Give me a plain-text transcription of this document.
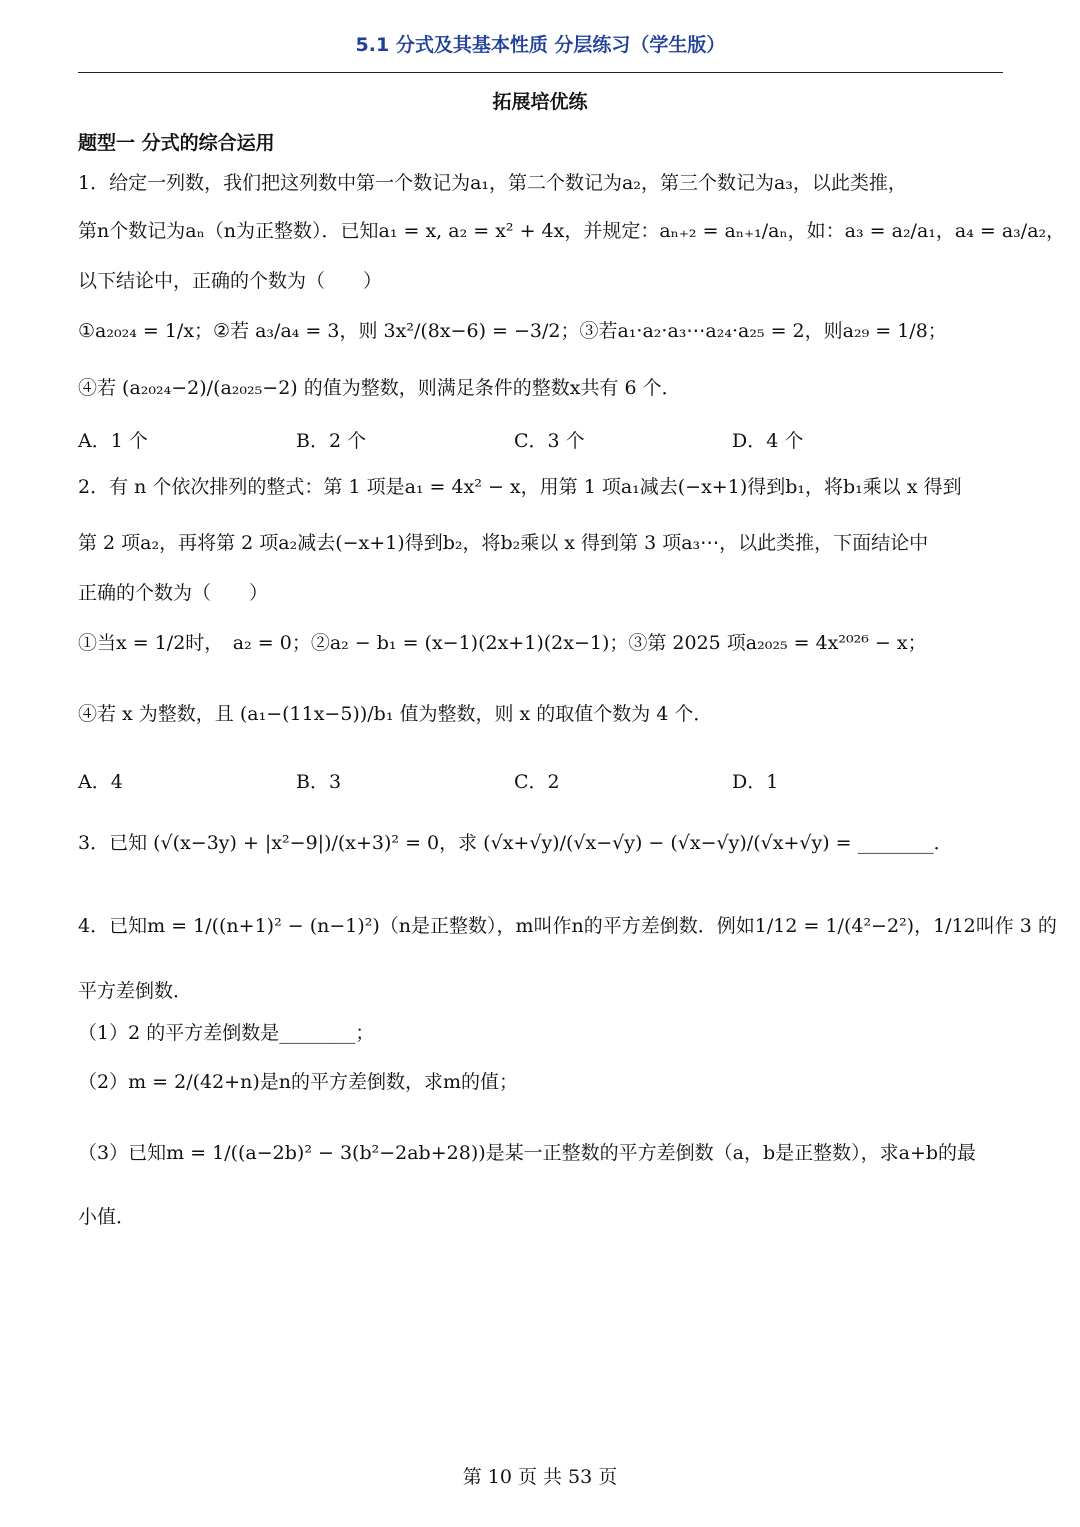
5.1 分式及其基本性质 分层练习（学生版）
拓展培优练
题型一 分式的综合运用
1．给定一列数，我们把这列数中第一个数记为a₁，第二个数记为a₂，第三个数记为a₃，以此类推，
第n个数记为aₙ（n为正整数）．已知a₁ = x, a₂ = x² + 4x，并规定：aₙ₊₂ = aₙ₊₁/aₙ，如：a₃ = a₂/a₁，a₄ = a₃/a₂，
以下结论中，正确的个数为（　　）
①a₂₀₂₄ = 1/x；②若 a₃/a₄ = 3，则 3x²/(8x−6) = −3/2；③若a₁·a₂·a₃⋯a₂₄·a₂₅ = 2，则a₂₉ = 1/8；
④若 (a₂₀₂₄−2)/(a₂₀₂₅−2) 的值为整数，则满足条件的整数x共有 6 个．
A．1 个	B．2 个	C．3 个	D．4 个
2．有 n 个依次排列的整式：第 1 项是a₁ = 4x² − x，用第 1 项a₁减去(−x+1)得到b₁，将b₁乘以 x 得到
第 2 项a₂，再将第 2 项a₂减去(−x+1)得到b₂，将b₂乘以 x 得到第 3 项a₃⋯，以此类推，下面结论中
正确的个数为（　　）
①当x = 1/2时，　a₂ = 0；②a₂ − b₁ = (x−1)(2x+1)(2x−1)；③第 2025 项a₂₀₂₅ = 4x²⁰²⁶ − x；
④若 x 为整数，且 (a₁−(11x−5))/b₁ 值为整数，则 x 的取值个数为 4 个．
A．4	B．3	C．2	D．1
3．已知 (√(x−3y) + |x²−9|)/(x+3)² = 0，求 (√x+√y)/(√x−√y) − (√x−√y)/(√x+√y) = ________．
4．已知m = 1/((n+1)² − (n−1)²)（n是正整数），m叫作n的平方差倒数．例如1/12 = 1/(4²−2²)，1/12叫作 3 的
平方差倒数．
（1）2 的平方差倒数是________；
（2）m = 2/(42+n)是n的平方差倒数，求m的值；
（3）已知m = 1/((a−2b)² − 3(b²−2ab+28))是某一正整数的平方差倒数（a，b是正整数），求a+b的最
小值．
第 10 页 共 53 页
